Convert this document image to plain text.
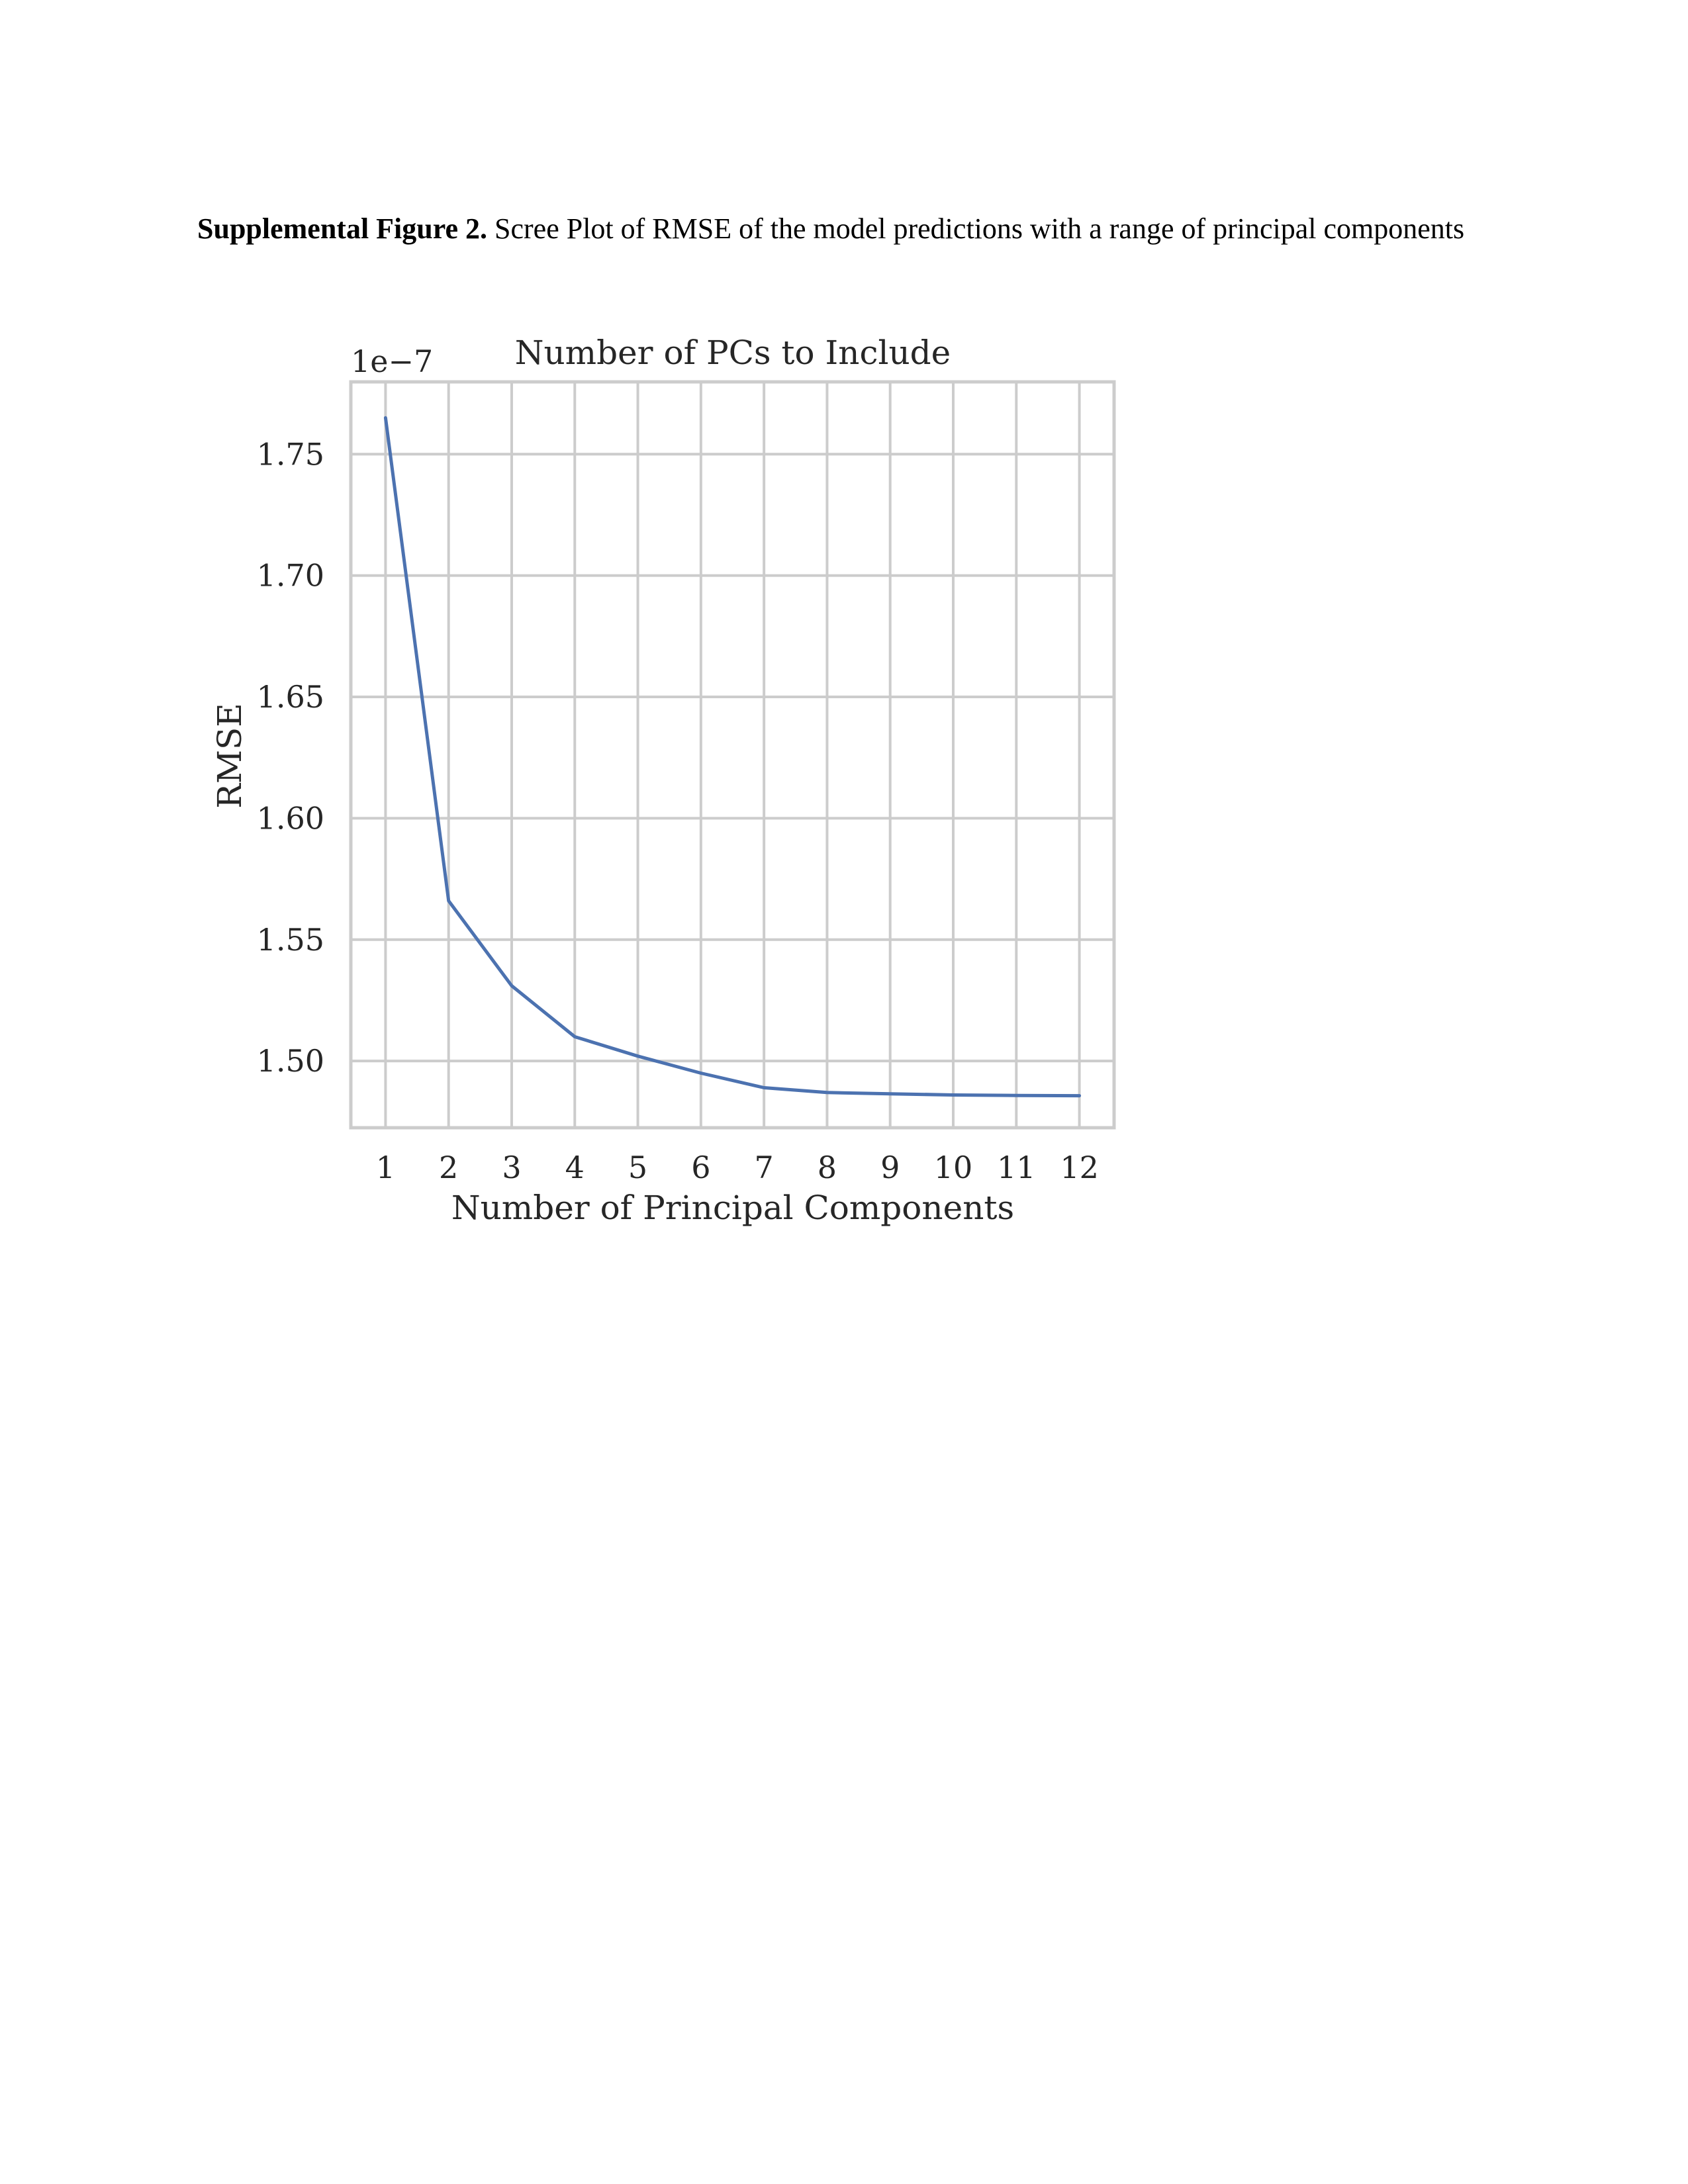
Supplemental Figure 2. Scree Plot of RMSE of the model predictions with a range of principal components
1 2 3 4 5 6 7 8 9 10 11 12
1.50
1.55
1.60
1.65
1.70
1.75
Number of PCs to Include
1e−7
Number of Principal Components
RMSE
